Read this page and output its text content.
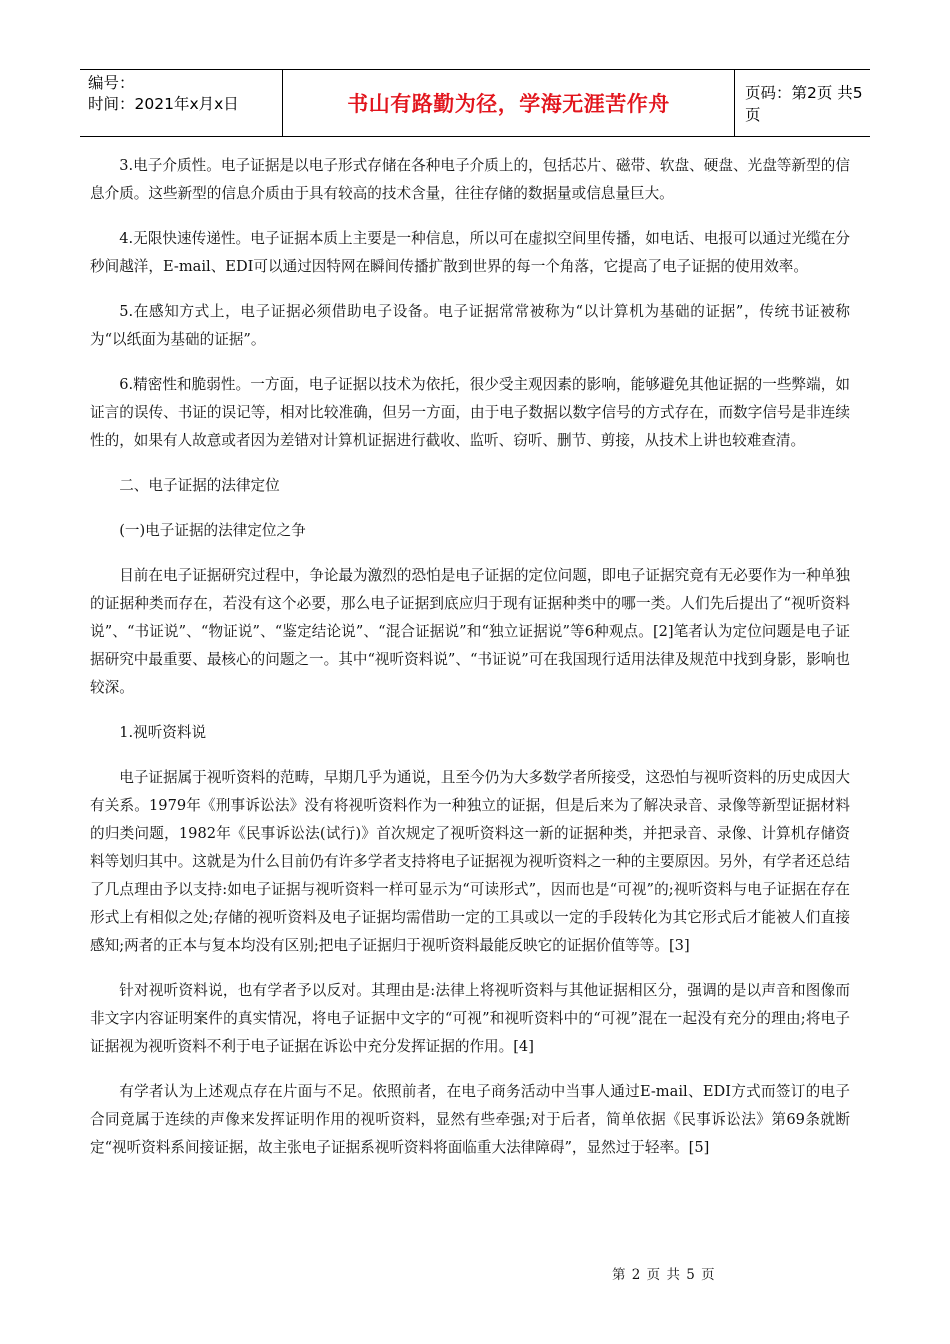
编号：
时间：2021年x月x日	书山有路勤为径，学海无涯苦作舟	页码：第2页 共5页

3.电子介质性。电子证据是以电子形式存储在各种电子介质上的，包括芯片、磁带、软盘、硬盘、光盘等新型的信息介质。这些新型的信息介质由于具有较高的技术含量，往往存储的数据量或信息量巨大。

4.无限快速传递性。电子证据本质上主要是一种信息，所以可在虚拟空间里传播，如电话、电报可以通过光缆在分秒间越洋，E-mail、EDI可以通过因特网在瞬间传播扩散到世界的每一个角落，它提高了电子证据的使用效率。

5.在感知方式上，电子证据必须借助电子设备。电子证据常常被称为“以计算机为基础的证据”，传统书证被称为“以纸面为基础的证据”。

6.精密性和脆弱性。一方面，电子证据以技术为依托，很少受主观因素的影响，能够避免其他证据的一些弊端，如证言的误传、书证的误记等，相对比较准确，但另一方面，由于电子数据以数字信号的方式存在，而数字信号是非连续性的，如果有人故意或者因为差错对计算机证据进行截收、监听、窃听、删节、剪接，从技术上讲也较难查清。

二、电子证据的法律定位

(一)电子证据的法律定位之争

目前在电子证据研究过程中，争论最为激烈的恐怕是电子证据的定位问题，即电子证据究竟有无必要作为一种单独的证据种类而存在，若没有这个必要，那么电子证据到底应归于现有证据种类中的哪一类。人们先后提出了“视听资料说”、“书证说”、“物证说”、“鉴定结论说”、“混合证据说”和“独立证据说”等6种观点。[2]笔者认为定位问题是电子证据研究中最重要、最核心的问题之一。其中“视听资料说”、“书证说”可在我国现行适用法律及规范中找到身影，影响也较深。

1.视听资料说

电子证据属于视听资料的范畴，早期几乎为通说，且至今仍为大多数学者所接受，这恐怕与视听资料的历史成因大有关系。1979年《刑事诉讼法》没有将视听资料作为一种独立的证据，但是后来为了解决录音、录像等新型证据材料的归类问题，1982年《民事诉讼法(试行)》首次规定了视听资料这一新的证据种类，并把录音、录像、计算机存储资料等划归其中。这就是为什么目前仍有许多学者支持将电子证据视为视听资料之一种的主要原因。另外，有学者还总结了几点理由予以支持:如电子证据与视听资料一样可显示为“可读形式”，因而也是“可视”的;视听资料与电子证据在存在形式上有相似之处;存储的视听资料及电子证据均需借助一定的工具或以一定的手段转化为其它形式后才能被人们直接感知;两者的正本与复本均没有区别;把电子证据归于视听资料最能反映它的证据价值等等。[3]

针对视听资料说，也有学者予以反对。其理由是:法律上将视听资料与其他证据相区分，强调的是以声音和图像而非文字内容证明案件的真实情况，将电子证据中文字的“可视”和视听资料中的“可视”混在一起没有充分的理由;将电子证据视为视听资料不利于电子证据在诉讼中充分发挥证据的作用。[4]

有学者认为上述观点存在片面与不足。依照前者，在电子商务活动中当事人通过E-mail、EDI方式而签订的电子合同竟属于连续的声像来发挥证明作用的视听资料，显然有些牵强;对于后者，简单依据《民事诉讼法》第69条就断定“视听资料系间接证据，故主张电子证据系视听资料将面临重大法律障碍”，显然过于轻率。[5]

第 2 页 共 5 页
